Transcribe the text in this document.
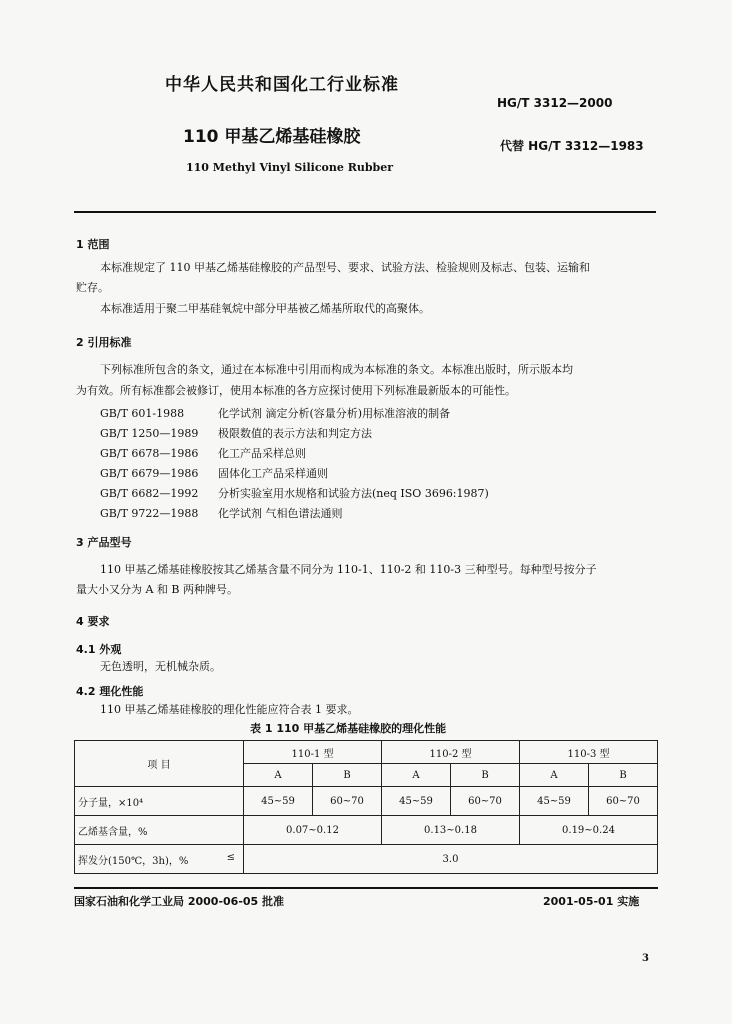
中华人民共和国化工行业标准
HG/T 3312—2000
110 甲基乙烯基硅橡胶	代替 HG/T 3312—1983
110 Methyl Vinyl Silicone Rubber
1 范围
本标准规定了 110 甲基乙烯基硅橡胶的产品型号、要求、试验方法、检验规则及标志、包装、运输和
贮存。
本标准适用于聚二甲基硅氧烷中部分甲基被乙烯基所取代的高聚体。
2 引用标准
下列标准所包含的条文，通过在本标准中引用而构成为本标准的条文。本标准出版时，所示版本均
为有效。所有标准都会被修订，使用本标准的各方应探讨使用下列标准最新版本的可能性。
GB/T 601-1988	化学试剂 滴定分析(容量分析)用标准溶液的制备
GB/T 1250—1989 极限数值的表示方法和判定方法
GB/T 6678—1986 化工产品采样总则
GB/T 6679—1986 固体化工产品采样通则
GB/T 6682—1992 分析实验室用水规格和试验方法(neq ISO 3696:1987)
GB/T 9722—1988 化学试剂 气相色谱法通则
3 产品型号
110 甲基乙烯基硅橡胶按其乙烯基含量不同分为 110-1、110-2 和 110-3 三种型号。每种型号按分子
量大小又分为 A 和 B 两种牌号。
4 要求
4.1 外观
无色透明，无机械杂质。
4.2 理化性能
110 甲基乙烯基硅橡胶的理化性能应符合表 1 要求。
表 1 110 甲基乙烯基硅橡胶的理化性能
项 目	110-1 型		110-2 型		110-3 型	
	A	B	A	B	A	B
分子量，×10⁴	45~59	60~70	45~59	60~70	45~59	60~70
乙烯基含量，%	0.07~0.12		0.13~0.18		0.19~0.24	
挥发分(150℃，3h)，% ≤	3.0					
国家石油和化学工业局 2000-06-05 批准	2001-05-01 实施
3
